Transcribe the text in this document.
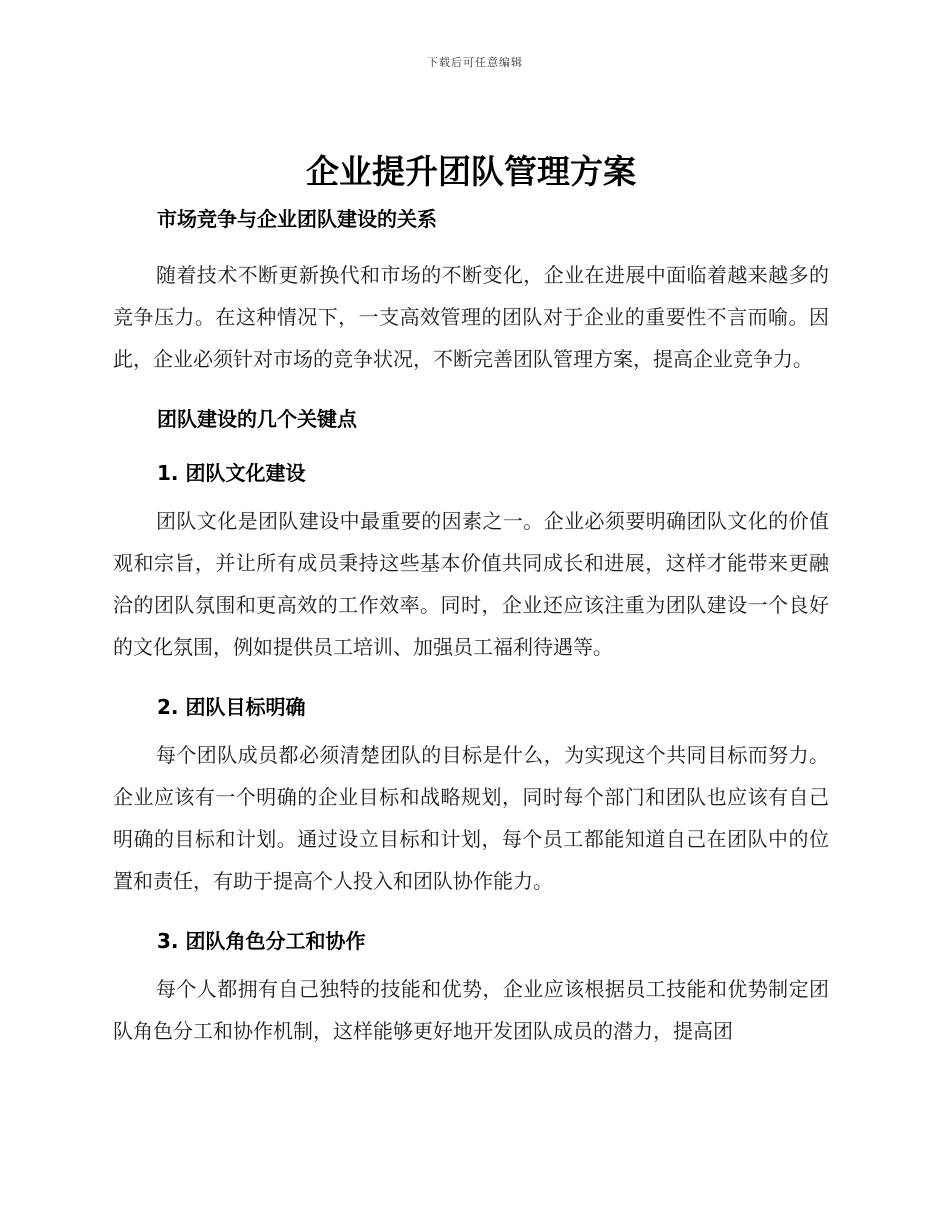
下载后可任意编辑
企业提升团队管理方案
市场竞争与企业团队建设的关系

随着技术不断更新换代和市场的不断变化，企业在进展中面临着越来越多的竞争压力。在这种情况下，一支高效管理的团队对于企业的重要性不言而喻。因此，企业必须针对市场的竞争状况，不断完善团队管理方案，提高企业竞争力。

团队建设的几个关键点
1. 团队文化建设

团队文化是团队建设中最重要的因素之一。企业必须要明确团队文化的价值观和宗旨，并让所有成员秉持这些基本价值共同成长和进展，这样才能带来更融洽的团队氛围和更高效的工作效率。同时，企业还应该注重为团队建设一个良好的文化氛围，例如提供员工培训、加强员工福利待遇等。

2. 团队目标明确

每个团队成员都必须清楚团队的目标是什么，为实现这个共同目标而努力。企业应该有一个明确的企业目标和战略规划，同时每个部门和团队也应该有自己明确的目标和计划。通过设立目标和计划，每个员工都能知道自己在团队中的位置和责任，有助于提高个人投入和团队协作能力。

3. 团队角色分工和协作

每个人都拥有自己独特的技能和优势，企业应该根据员工技能和优势制定团队角色分工和协作机制，这样能够更好地开发团队成员的潜力，提高团
